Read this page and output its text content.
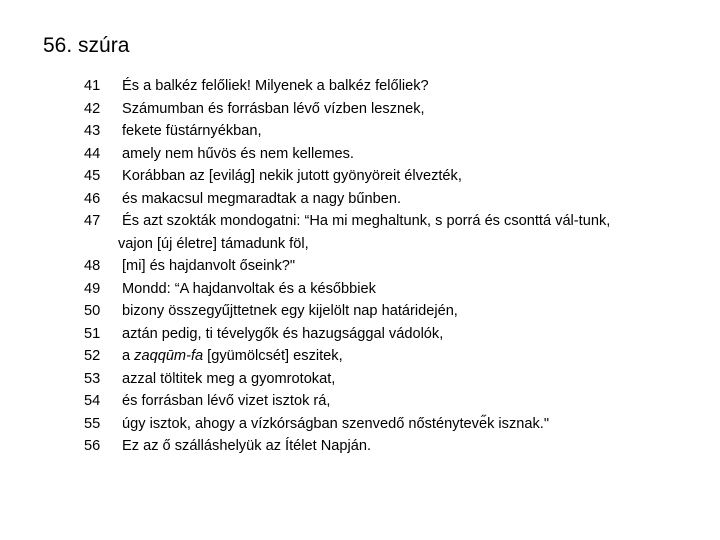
56. szúra
41	És a balkéz felőliek! Milyenek a balkéz felőliek?
42	Számumban és forrásban lévő vízben lesznek,
43	fekete füstárnyékban,
44	amely nem hűvös és nem kellemes.
45	Korábban az [evilág] nekik jutott gyönyöreit élvezték,
46	és makacsul megmaradtak a nagy bűnben.
47	És azt szokták mondogatni: “Ha mi meghaltunk, s porrá és csonttá vál-tunk,
vajon [új életre] támadunk föl,
48	[mi] és hajdanvolt őseink?"
49	Mondd: “A hajdanvoltak és a későbbiek
50	bizony összegyűjttetnek egy kijelölt nap határidején,
51	aztán pedig, ti tévelygők és hazugsággal vádolók,
52	a zaqqūm-fa [gyümölcsét] eszitek,
53	azzal töltitek meg a gyomrotokat,
54	és forrásban lévő vizet isztok rá,
55	úgy isztok, ahogy a vízkórságban szenvedő nőstényteve̋k isznak."
56	Ez az ő szálláshelyük az Ítélet Napján.
